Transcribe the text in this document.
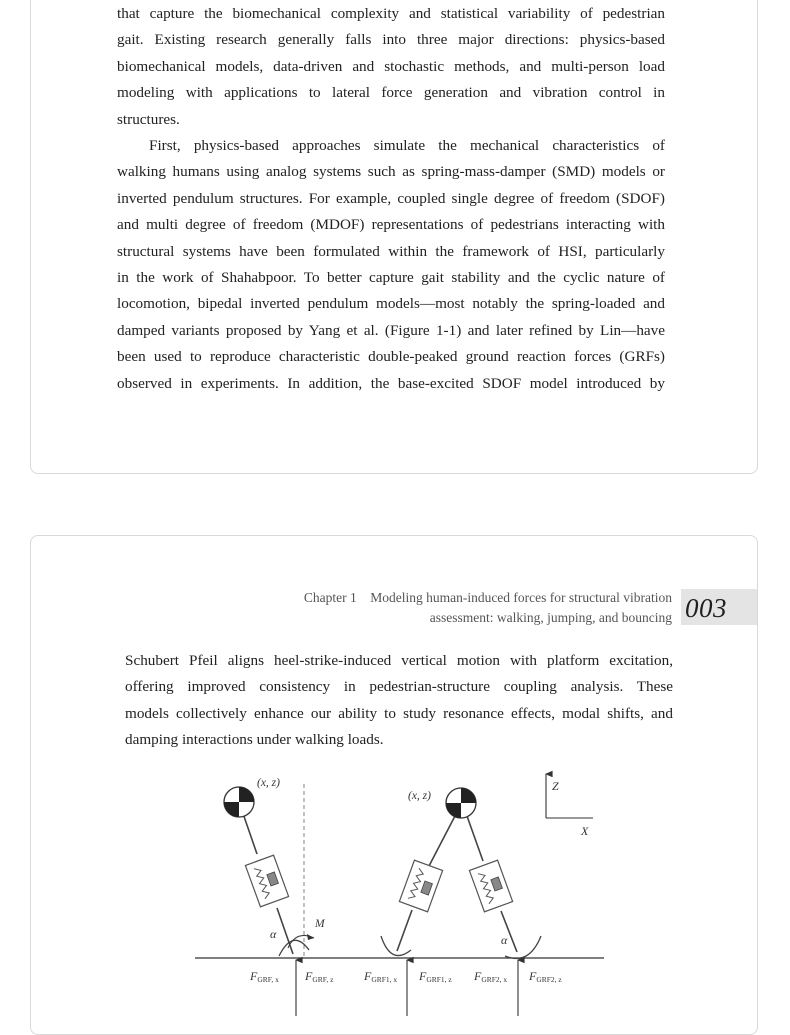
that capture the biomechanical complexity and statistical variability of pedestrian
gait. Existing research generally falls into three major directions: physics-based
biomechanical models, data-driven and stochastic methods, and multi-person load
modeling with applications to lateral force generation and vibration control in
structures.
First, physics-based approaches simulate the mechanical characteristics of
walking humans using analog systems such as spring-mass-damper (SMD) models or
inverted pendulum structures. For example, coupled single degree of freedom (SDOF)
and multi degree of freedom (MDOF) representations of pedestrians interacting with
structural systems have been formulated within the framework of HSI, particularly
in the work of Shahabpoor. To better capture gait stability and the cyclic nature of
locomotion, bipedal inverted pendulum models—most notably the spring-loaded and
damped variants proposed by Yang et al. (Figure 1-1) and later refined by Lin—have
been used to reproduce characteristic double-peaked ground reaction forces (GRFs)
observed in experiments. In addition, the base-excited SDOF model introduced by
Chapter 1　Modeling human-induced forces for structural vibration
assessment: walking, jumping, and bouncing 003
Schubert Pfeil aligns heel-strike-induced vertical motion with platform excitation,
offering improved consistency in pedestrian-structure coupling analysis. These
models collectively enhance our ability to study resonance effects, modal shifts, and
damping interactions under walking loads.
Z
X
(x, z)
(x, z)
M
α	α
FGRF, x FGRF, z	FGRF1, x FGRF1, z FGRF2, x FGRF2, z
